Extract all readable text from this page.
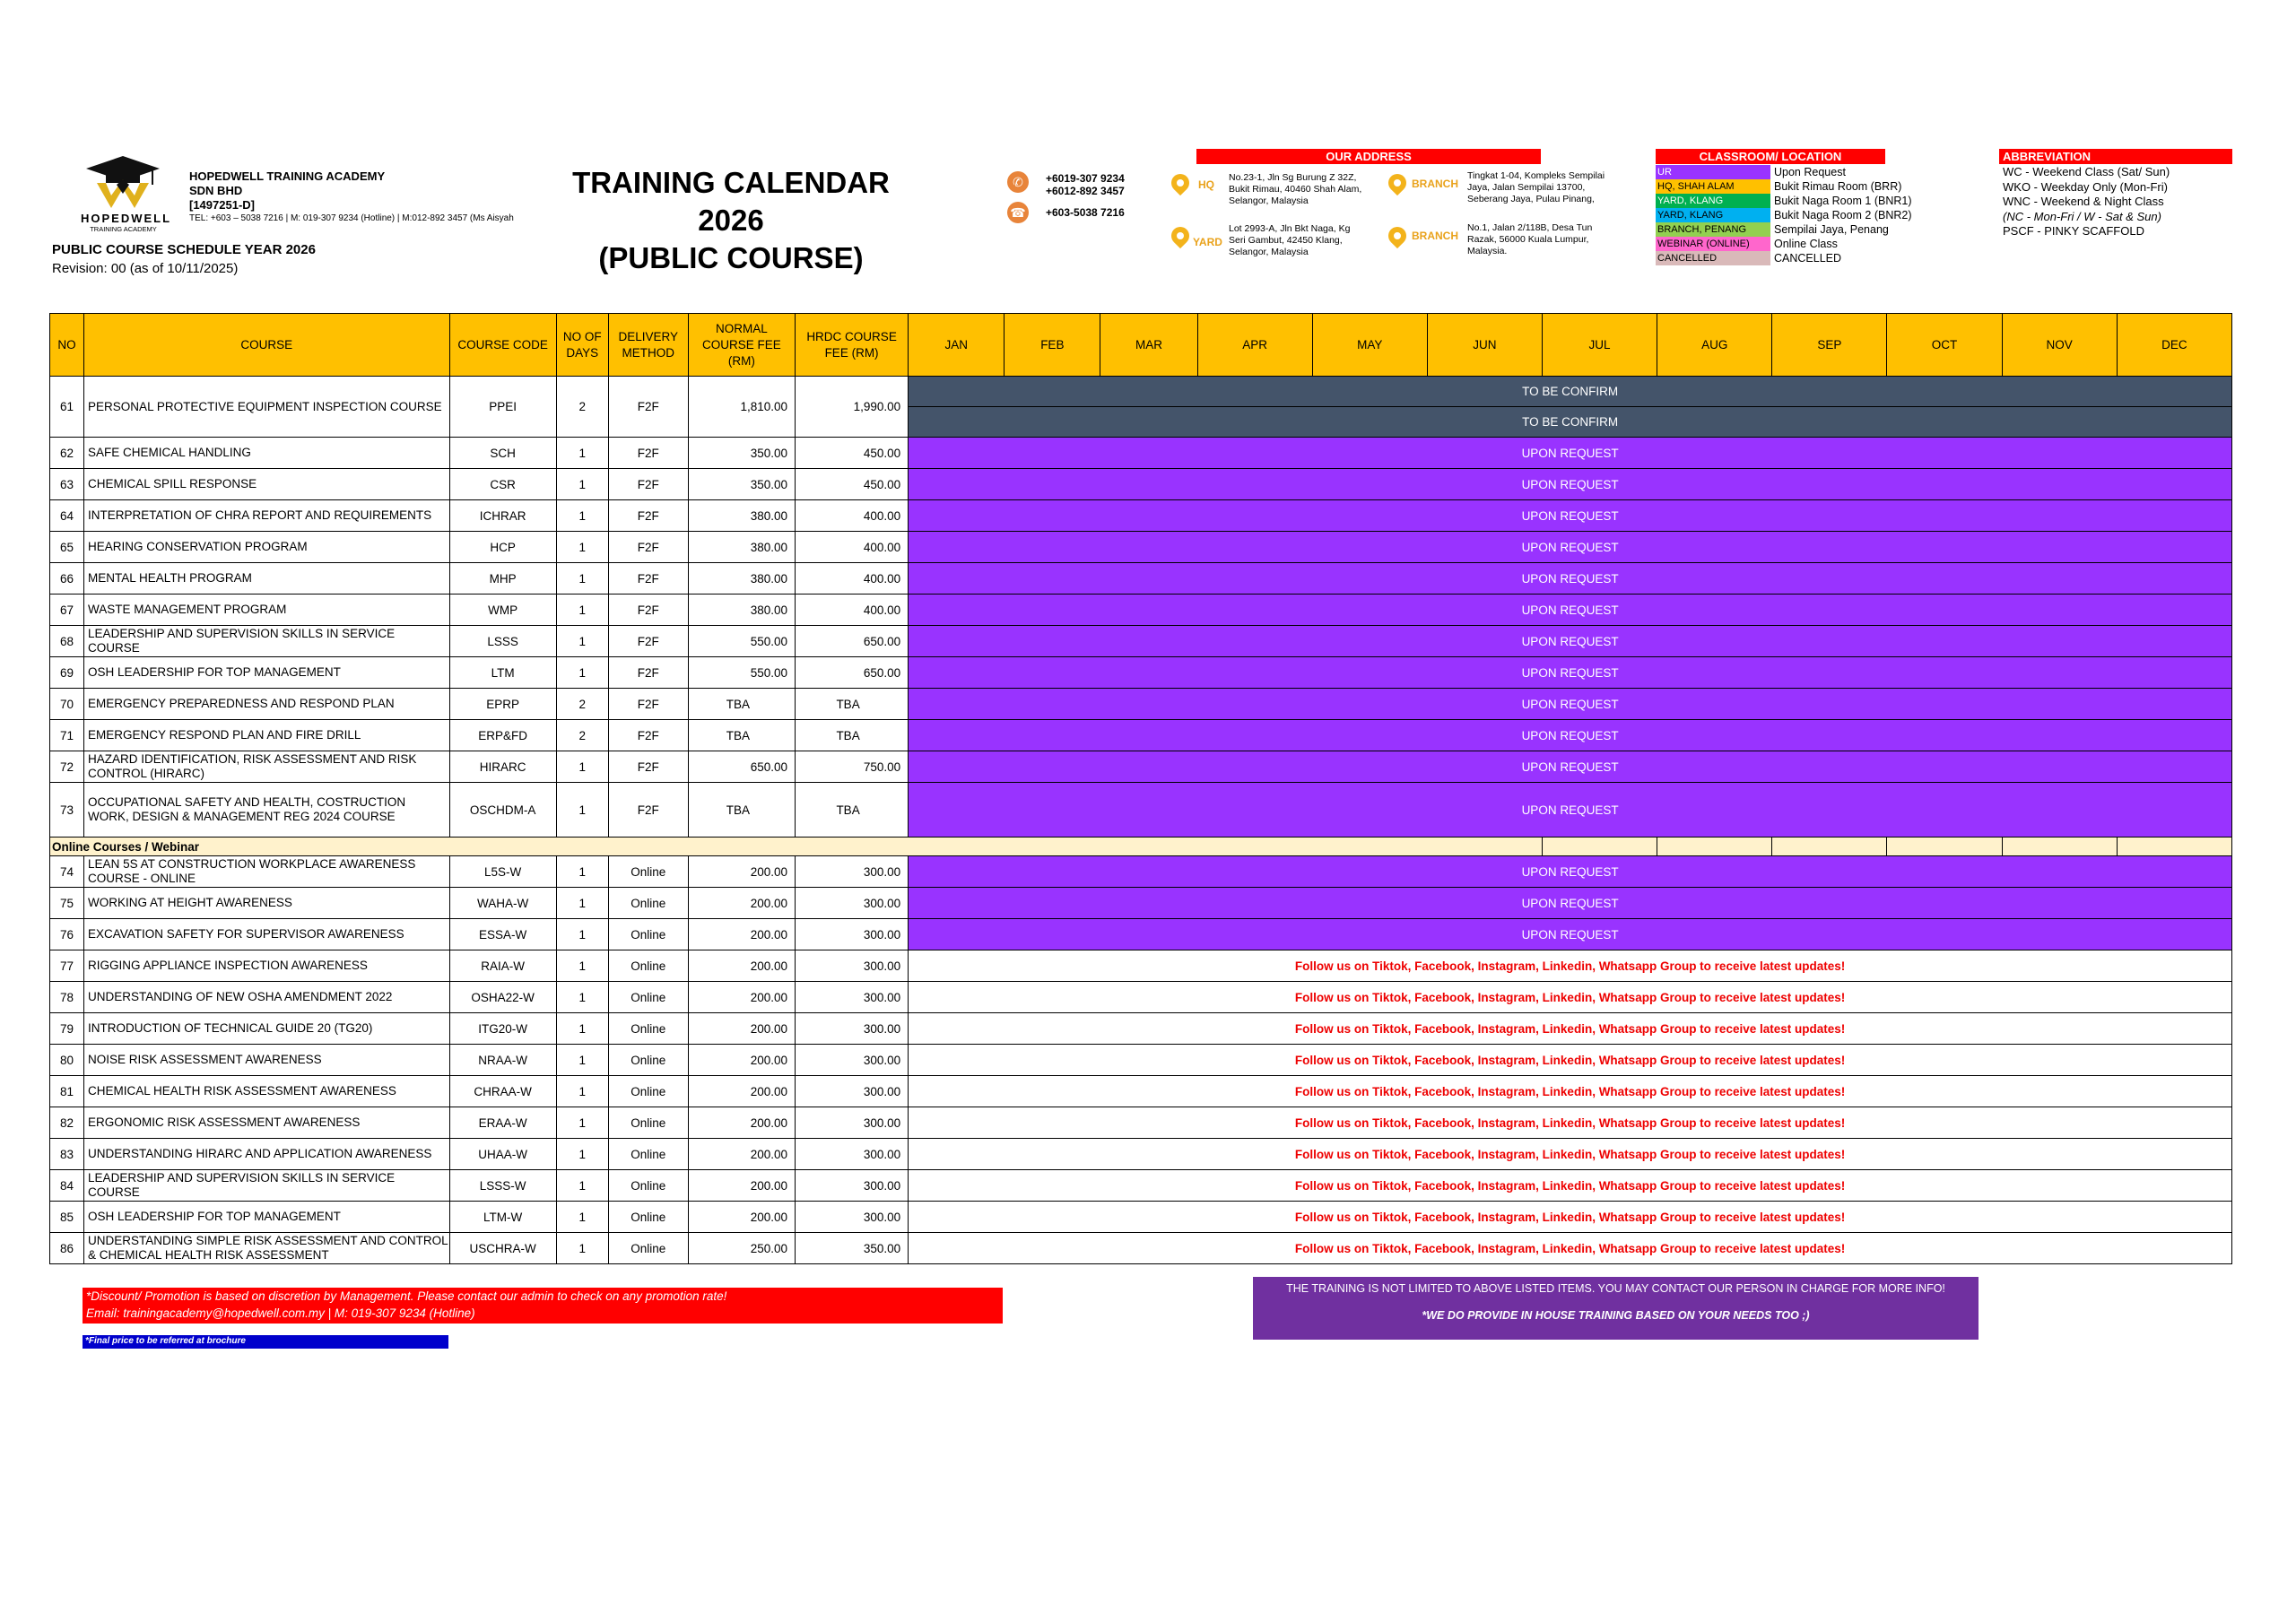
HOPEDWELL
TRAINING ACADEMY
HOPEDWELL TRAINING ACADEMY
SDN BHD
[1497251-D]
TEL: +603 – 5038 7216 | M: 019-307 9234 (Hotline) | M:012-892 3457 (Ms Aisyah
PUBLIC COURSE SCHEDULE YEAR 2026
Revision: 00 (as of 10/11/2025)
TRAINING CALENDAR
2026
(PUBLIC COURSE)
✆	+6019-307 9234
+6012-892 3457
☎ +603-5038 7216
OUR ADDRESS
HQ
No.23-1, Jln Sg Burung Z 32Z,
Bukit Rimau, 40460 Shah Alam,
Selangor, Malaysia
BRANCH
Tingkat 1-04, Kompleks Sempilai
Jaya, Jalan Sempilai 13700,
Seberang Jaya, Pulau Pinang,
YARD
Lot 2993-A, Jln Bkt Naga, Kg
Seri Gambut, 42450 Klang,
Selangor, Malaysia
BRANCH
No.1, Jalan 2/118B, Desa Tun
Razak, 56000 Kuala Lumpur,
Malaysia.
CLASSROOM/ LOCATION
UR	Upon Request
HQ, SHAH ALAM	Bukit Rimau Room (BRR)
YARD, KLANG	Bukit Naga Room 1 (BNR1)
YARD, KLANG	Bukit Naga Room 2 (BNR2)
BRANCH, PENANG	Sempilai Jaya, Penang
WEBINAR (ONLINE)	Online Class
CANCELLED	CANCELLED
ABBREVIATION
WC - Weekend Class (Sat/ Sun)
WKO - Weekday Only (Mon-Fri)
WNC - Weekend & Night Class
(NC - Mon-Fri / W - Sat & Sun)
PSCF - PINKY SCAFFOLD
NO	COURSE	COURSE CODE	NO OF DAYS	DELIVERY METHOD	NORMAL COURSE FEE (RM)	HRDC COURSE FEE (RM)	JAN	FEB	MAR	APR	MAY	JUN	JUL	AUG	SEP	OCT	NOV	DEC
61	PERSONAL PROTECTIVE EQUIPMENT INSPECTION COURSE	PPEI	2	F2F	1,810.00	1,990.00	TO BE CONFIRM											
							TO BE CONFIRM											
62	SAFE CHEMICAL HANDLING	SCH	1	F2F	350.00	450.00	UPON REQUEST											
63	CHEMICAL SPILL RESPONSE	CSR	1	F2F	350.00	450.00	UPON REQUEST											
64	INTERPRETATION OF CHRA REPORT AND REQUIREMENTS	ICHRAR	1	F2F	380.00	400.00	UPON REQUEST											
65	HEARING CONSERVATION PROGRAM	HCP	1	F2F	380.00	400.00	UPON REQUEST											
66	MENTAL HEALTH PROGRAM	MHP	1	F2F	380.00	400.00	UPON REQUEST											
67	WASTE MANAGEMENT PROGRAM	WMP	1	F2F	380.00	400.00	UPON REQUEST											
68	LEADERSHIP AND SUPERVISION SKILLS IN SERVICE COURSE	LSSS	1	F2F	550.00	650.00	UPON REQUEST											
69	OSH LEADERSHIP FOR TOP MANAGEMENT	LTM	1	F2F	550.00	650.00	UPON REQUEST											
70	EMERGENCY PREPAREDNESS AND RESPOND PLAN	EPRP	2	F2F	TBA	TBA	UPON REQUEST											
71	EMERGENCY RESPOND PLAN AND FIRE DRILL	ERP&FD	2	F2F	TBA	TBA	UPON REQUEST											
72	HAZARD IDENTIFICATION, RISK ASSESSMENT AND RISK CONTROL (HIRARC)	HIRARC	1	F2F	650.00	750.00	UPON REQUEST											
73	OCCUPATIONAL SAFETY AND HEALTH, COSTRUCTION WORK, DESIGN & MANAGEMENT REG 2024 COURSE	OSCHDM-A	1	F2F	TBA	TBA	UPON REQUEST											
Online Courses / Webinar																		
74	LEAN 5S AT CONSTRUCTION WORKPLACE AWARENESS COURSE - ONLINE	L5S-W	1	Online	200.00	300.00	UPON REQUEST											
75	WORKING AT HEIGHT AWARENESS	WAHA-W	1	Online	200.00	300.00	UPON REQUEST											
76	EXCAVATION SAFETY FOR SUPERVISOR AWARENESS	ESSA-W	1	Online	200.00	300.00	UPON REQUEST											
77	RIGGING APPLIANCE INSPECTION AWARENESS	RAIA-W	1	Online	200.00	300.00	Follow us on Tiktok, Facebook, Instagram, Linkedin, Whatsapp Group to receive latest updates!											
78	UNDERSTANDING OF NEW OSHA AMENDMENT 2022	OSHA22-W	1	Online	200.00	300.00	Follow us on Tiktok, Facebook, Instagram, Linkedin, Whatsapp Group to receive latest updates!											
79	INTRODUCTION OF TECHNICAL GUIDE 20 (TG20)	ITG20-W	1	Online	200.00	300.00	Follow us on Tiktok, Facebook, Instagram, Linkedin, Whatsapp Group to receive latest updates!											
80	NOISE RISK ASSESSMENT AWARENESS	NRAA-W	1	Online	200.00	300.00	Follow us on Tiktok, Facebook, Instagram, Linkedin, Whatsapp Group to receive latest updates!											
81	CHEMICAL HEALTH RISK ASSESSMENT AWARENESS	CHRAA-W	1	Online	200.00	300.00	Follow us on Tiktok, Facebook, Instagram, Linkedin, Whatsapp Group to receive latest updates!											
82	ERGONOMIC RISK ASSESSMENT AWARENESS	ERAA-W	1	Online	200.00	300.00	Follow us on Tiktok, Facebook, Instagram, Linkedin, Whatsapp Group to receive latest updates!											
83	UNDERSTANDING HIRARC AND APPLICATION AWARENESS	UHAA-W	1	Online	200.00	300.00	Follow us on Tiktok, Facebook, Instagram, Linkedin, Whatsapp Group to receive latest updates!											
84	LEADERSHIP AND SUPERVISION SKILLS IN SERVICE COURSE	LSSS-W	1	Online	200.00	300.00	Follow us on Tiktok, Facebook, Instagram, Linkedin, Whatsapp Group to receive latest updates!											
85	OSH LEADERSHIP FOR TOP MANAGEMENT	LTM-W	1	Online	200.00	300.00	Follow us on Tiktok, Facebook, Instagram, Linkedin, Whatsapp Group to receive latest updates!											
86	UNDERSTANDING SIMPLE RISK ASSESSMENT AND CONTROL & CHEMICAL HEALTH RISK ASSESSMENT	USCHRA-W	1	Online	250.00	350.00	Follow us on Tiktok, Facebook, Instagram, Linkedin, Whatsapp Group to receive latest updates!											
*Discount/ Promotion is based on discretion by Management. Please contact our admin to check on any promotion rate!
Email: trainingacademy@hopedwell.com.my | M: 019-307 9234 (Hotline)
*Final price to be referred at brochure
THE TRAINING IS NOT LIMITED TO ABOVE LISTED ITEMS. YOU MAY CONTACT OUR PERSON IN CHARGE FOR MORE INFO!
*WE DO PROVIDE IN HOUSE TRAINING BASED ON YOUR NEEDS TOO ;)
